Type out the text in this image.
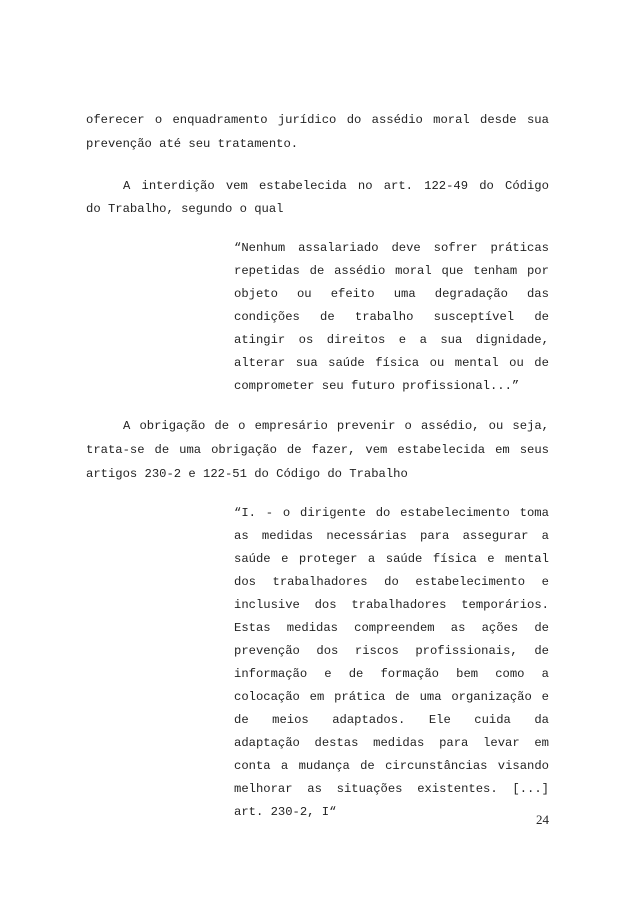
oferecer o enquadramento jurídico do assédio moral desde sua

prevenção até seu tratamento.

A interdição vem estabelecida no art. 122-49 do Código

do Trabalho, segundo o qual

“Nenhum assalariado deve sofrer práticas

repetidas de assédio moral que tenham por

objeto ou efeito uma degradação das

condições de trabalho susceptível de

atingir os direitos e a sua dignidade,

alterar sua saúde física ou mental ou de

comprometer seu futuro profissional...”

A obrigação de o empresário prevenir o assédio, ou seja,

trata-se de uma obrigação de fazer, vem estabelecida em seus

artigos 230-2 e 122-51 do Código do Trabalho

“I. - o dirigente do estabelecimento toma

as medidas necessárias para assegurar a

saúde e proteger a saúde física e mental

dos trabalhadores do estabelecimento e

inclusive dos trabalhadores temporários.

Estas medidas compreendem as ações de

prevenção dos riscos profissionais, de

informação e de formação bem como a

colocação em prática de uma organização e

de meios adaptados. Ele cuida da

adaptação destas medidas para levar em

conta a mudança de circunstâncias visando

melhorar as situações existentes. [...]

art. 230-2, I“	24
